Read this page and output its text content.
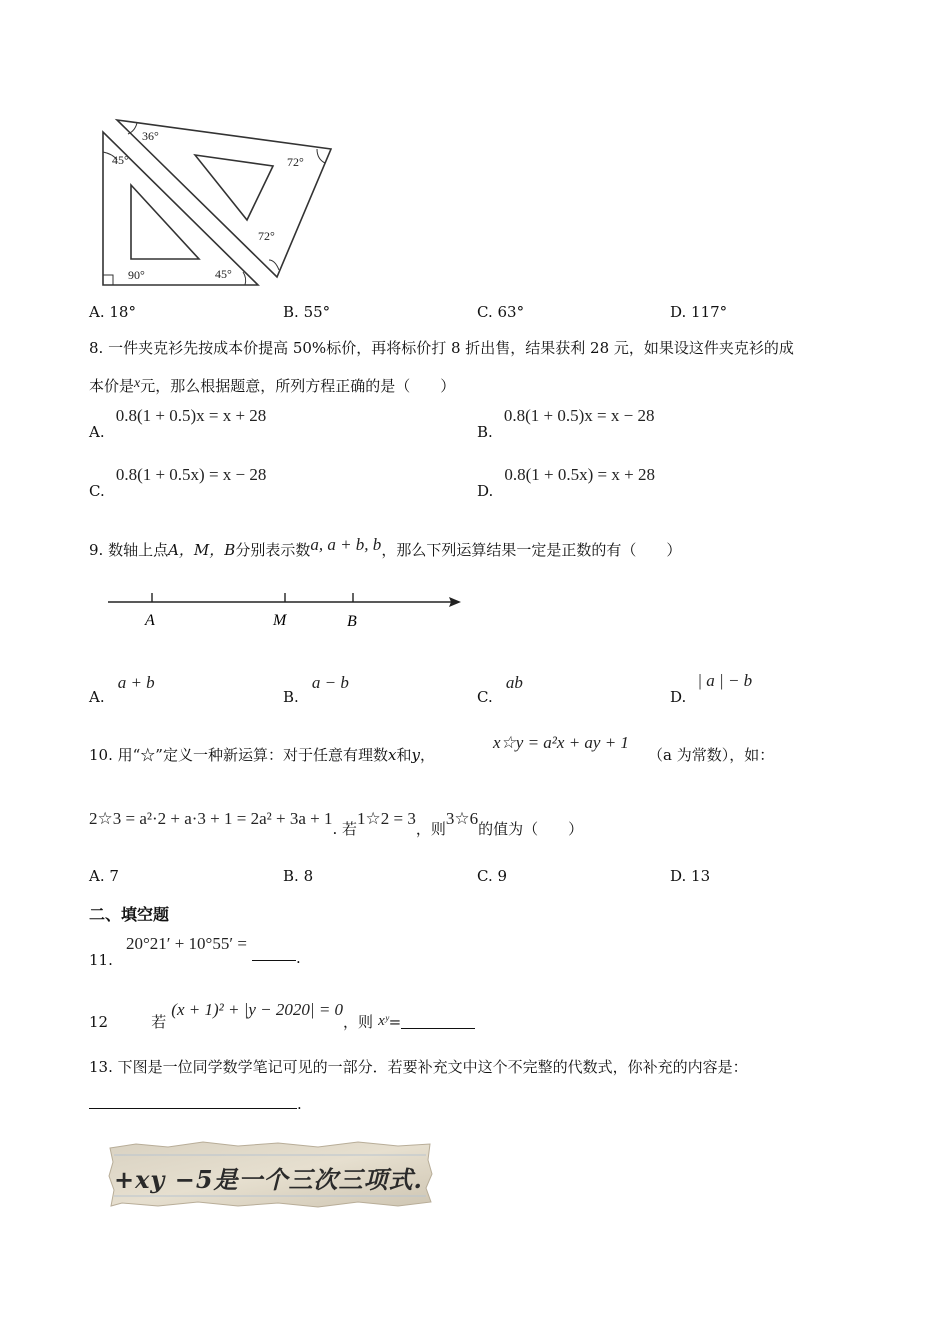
36°
45°	72°
72°
90°	45°
A. 18°	B. 55°	C. 63°	D. 117°
8. 一件夹克衫先按成本价提高 50%标价，再将标价打 8 折出售，结果获利 28 元，如果设这件夹克衫的成
本价是x元，那么根据题意，所列方程正确的是（　　）
A. 0.8(1 + 0.5)x = x + 28
B. 0.8(1 + 0.5)x = x − 28
C. 0.8(1 + 0.5x) = x − 28
D. 0.8(1 + 0.5x) = x + 28
9. 数轴上点A，M，B分别表示数a, a + b, b，那么下列运算结果一定是正数的有（　　）
A	M	B
A. a + b
B. a − b
C. ab
D. | a | − b
10. 用“☆”定义一种新运算：对于任意有理数x和y，
x☆y = a²x + ay + 1
（a 为常数），如：
2☆3 = a²·2 + a·3 + 1 = 2a² + 3a + 1. 若1☆2 = 3，则3☆6的值为（　　）
A. 7	B. 8	C. 9	D. 13
二、填空题
11. 20°21′ + 10°55′ = .
12	若 (x + 1)² + |y − 2020| = 0，则 xʸ=
13. 下图是一位同学数学笔记可见的一部分．若要补充文中这个不完整的代数式，你补充的内容是：
.
+xy −5是一个三次三项式.
